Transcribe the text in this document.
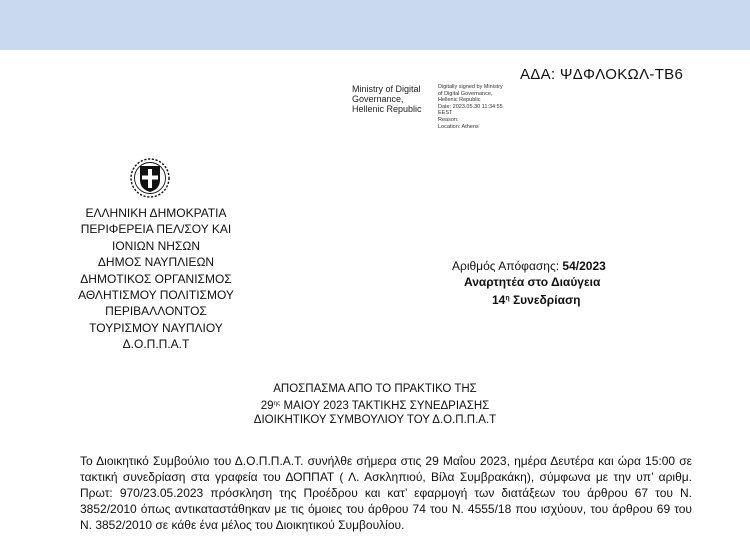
ΑΔΑ: ΨΔΦΛΟΚΩΛ-ΤΒ6
Ministry of Digital
Governance,
Hellenic Republic
Digitally signed by Ministry
of Digital Governance,
Hellenic Republic
Date: 2023.05.30 11:34:55
EEST
Reason:
Location: Athens
ΕΛΛΗΝΙΚΗ ΔΗΜΟΚΡΑΤΙΑ
ΠΕΡΙΦΕΡΕΙΑ ΠΕΛ/ΣΟΥ ΚΑΙ
ΙΟΝΙΩΝ ΝΗΣΩΝ
ΔΗΜΟΣ ΝΑΥΠΛΙΕΩΝ
ΔΗΜΟΤΙΚΟΣ ΟΡΓΑΝΙΣΜΟΣ
ΑΘΛΗΤΙΣΜΟΥ ΠΟΛΙΤΙΣΜΟΥ
ΠΕΡΙΒΑΛΛΟΝΤΟΣ
ΤΟΥΡΙΣΜΟΥ ΝΑΥΠΛΙΟΥ
Δ.Ο.Π.Π.Α.Τ
Αριθμός Απόφασης: 54/2023
Αναρτητέα στο Διαύγεια
$14^\eta$ Συνεδρίαση
ΑΠΟΣΠΑΣΜΑ ΑΠΟ ΤΟ ΠΡΑΚΤΙΚΟ ΤΗΣ
$29^{\eta\varsigma}$ ΜΑΙΟΥ 2023 ΤΑΚΤΙΚΗΣ ΣΥΝΕΔΡΙΑΣΗΣ
ΔΙΟΙΚΗΤΙΚΟΥ ΣΥΜΒΟΥΛΙΟΥ ΤΟΥ Δ.Ο.Π.Π.Α.Τ
Το Διοικητικό Συμβούλιο του Δ.Ο.Π.Π.Α.Τ. συνήλθε σήμερα στις 29 Μαΐου 2023, ημέρα Δευτέρα και ώρα 15:00 σε τακτική συνεδρίαση στα γραφεία του ΔΟΠΠΑΤ ( Λ. Ασκληπιού, Βίλα Συμβρακάκη), σύμφωνα με την υπ’ αριθμ. Πρωτ: 970/23.05.2023 πρόσκληση της Προέδρου και κατ’ εφαρμογή των διατάξεων του άρθρου 67 του Ν. 3852/2010 όπως αντικαταστάθηκαν με τις όμοιες του άρθρου 74 του Ν. 4555/18 που ισχύουν, του άρθρου 69 του Ν. 3852/2010 σε κάθε ένα μέλος του Διοικητικού Συμβουλίου.
